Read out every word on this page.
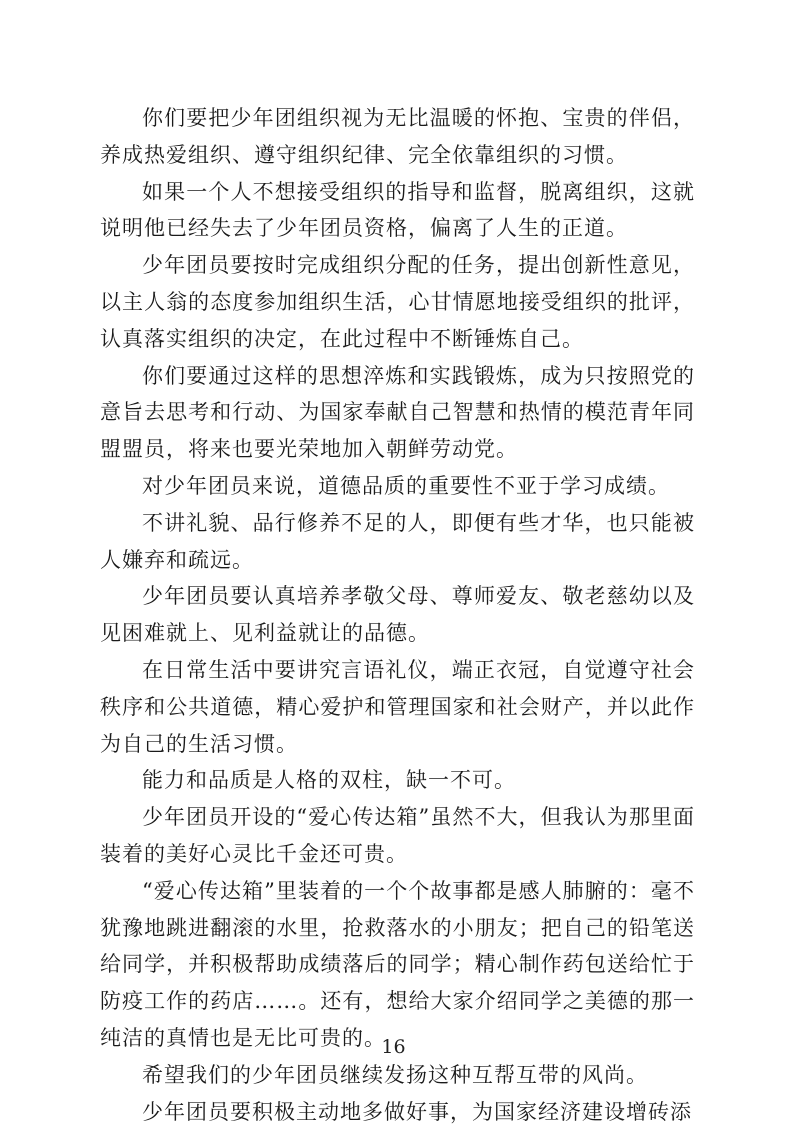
你们要把少年团组织视为无比温暖的怀抱、宝贵的伴侣，养成热爱组织、遵守组织纪律、完全依靠组织的习惯。

如果一个人不想接受组织的指导和监督，脱离组织，这就说明他已经失去了少年团员资格，偏离了人生的正道。

少年团员要按时完成组织分配的任务，提出创新性意见，以主人翁的态度参加组织生活，心甘情愿地接受组织的批评，认真落实组织的决定，在此过程中不断锤炼自己。

你们要通过这样的思想淬炼和实践锻炼，成为只按照党的意旨去思考和行动、为国家奉献自己智慧和热情的模范青年同盟盟员，将来也要光荣地加入朝鲜劳动党。

对少年团员来说，道德品质的重要性不亚于学习成绩。

不讲礼貌、品行修养不足的人，即便有些才华，也只能被人嫌弃和疏远。

少年团员要认真培养孝敬父母、尊师爱友、敬老慈幼以及见困难就上、见利益就让的品德。

在日常生活中要讲究言语礼仪，端正衣冠，自觉遵守社会秩序和公共道德，精心爱护和管理国家和社会财产，并以此作为自己的生活习惯。

能力和品质是人格的双柱，缺一不可。

少年团员开设的“爱心传达箱”虽然不大，但我认为那里面装着的美好心灵比千金还可贵。

“爱心传达箱”里装着的一个个故事都是感人肺腑的：毫不犹豫地跳进翻滚的水里，抢救落水的小朋友；把自己的铅笔送给同学，并积极帮助成绩落后的同学；精心制作药包送给忙于防疫工作的药店……。还有，想给大家介绍同学之美德的那一纯洁的真情也是无比可贵的。

希望我们的少年团员继续发扬这种互帮互带的风尚。

少年团员要积极主动地多做好事，为国家经济建设增砖添

16
